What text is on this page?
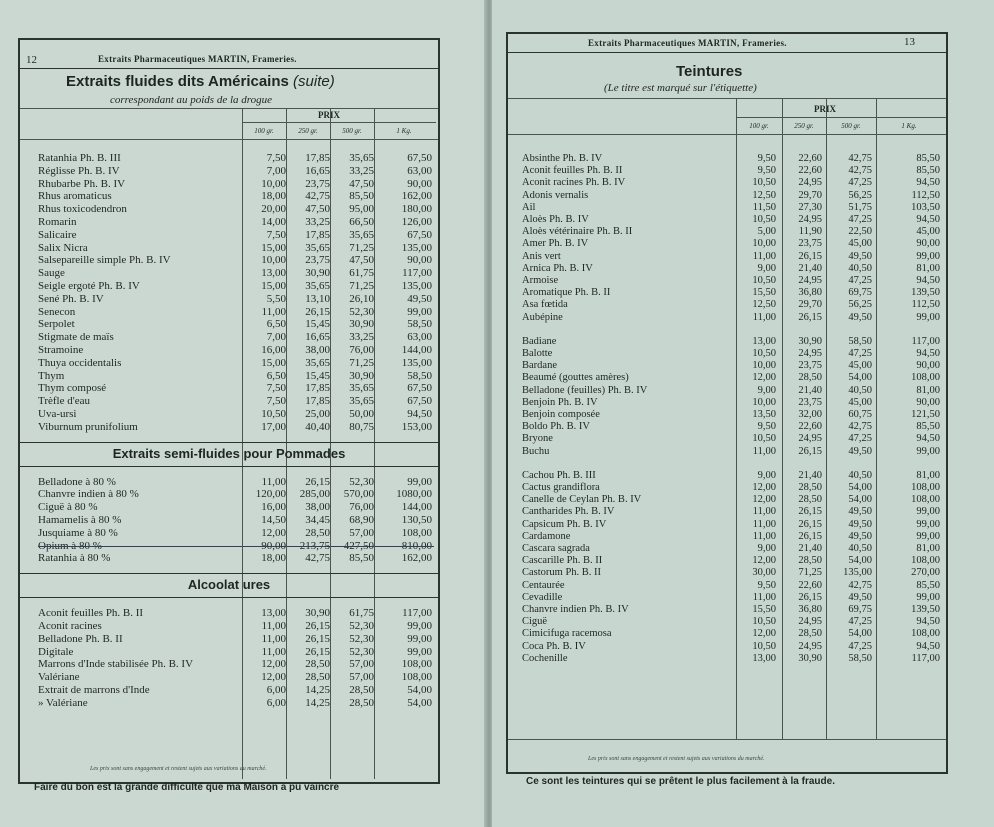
12	Extraits Pharmaceutiques MARTIN, Frameries.
Extraits fluides dits Américains (suite)
correspondant au poids de la drogue
PRIX
100 gr.	250 gr.	500 gr.	1 Kg.
Ratanhia Ph. B. III	7,50	17,85	35,65	67,50
Réglisse Ph. B. IV	7,00	16,65	33,25	63,00
Rhubarbe Ph. B. IV	10,00	23,75	47,50	90,00
Rhus aromaticus	18,00	42,75	85,50	162,00
Rhus toxicodendron	20,00	47,50	95,00	180,00
Romarin	14,00	33,25	66,50	126,00
Salicaire	7,50	17,85	35,65	67,50
Salix Nicra	15,00	35,65	71,25	135,00
Salsepareille simple Ph. B. IV	10,00	23,75	47,50	90,00
Sauge	13,00	30,90	61,75	117,00
Seigle ergoté Ph. B. IV	15,00	35,65	71,25	135,00
Sené Ph. B. IV	5,50	13,10	26,10	49,50
Senecon	11,00	26,15	52,30	99,00
Serpolet	6,50	15,45	30,90	58,50
Stigmate de maïs	7,00	16,65	33,25	63,00
Stramoine	16,00	38,00	76,00	144,00
Thuya occidentalis	15,00	35,65	71,25	135,00
Thym	6,50	15,45	30,90	58,50
Thym composé	7,50	17,85	35,65	67,50
Trèfle d'eau	7,50	17,85	35,65	67,50
Uva-ursi	10,50	25,00	50,00	94,50
Viburnum prunifolium	17,00	40,40	80,75	153,00
Belladone à 80 %	11,00	26,15	52,30	99,00
Chanvre indien à 80 %	120,00	285,00	570,00	1080,00
Ciguë à 80 %	16,00	38,00	76,00	144,00
Hamamelis à 80 %	14,50	34,45	68,90	130,50
Jusquiame à 80 %	12,00	28,50	57,00	108,00
Opium à 80 %	90,00	213,75	427,50	810,00
Ratanhia à 80 %	18,00	42,75	85,50	162,00
Aconit feuilles Ph. B. II	13,00	30,90	61,75	117,00
Aconit racines	11,00	26,15	52,30	99,00
Belladone Ph. B. II	11,00	26,15	52,30	99,00
Digitale	11,00	26,15	52,30	99,00
Marrons d'Inde stabilisée Ph. B. IV	12,00	28,50	57,00	108,00
Valériane	12,00	28,50	57,00	108,00
Extrait de marrons d'Inde	6,00	14,25	28,50	54,00
» Valériane	6,00	14,25	28,50	54,00
Les prix sont sans engagement et restent sujets aux variations du marché.
Faire du bon est la grande difficulté que ma Maison a pu vaincre
Extraits semi-fluides pour Pommades
Alcoolat ures
Extraits Pharmaceutiques MARTIN, Frameries.	13
Teintures
(Le titre est marqué sur l'étiquette)
PRIX
100 gr.	250 gr.	500 gr.	1 Kg.
Absinthe Ph. B. IV	9,50	22,60	42,75	85,50
Aconit feuilles Ph. B. II	9,50	22,60	42,75	85,50
Aconit racines Ph. B. IV	10,50	24,95	47,25	94,50
Adonis vernalis	12,50	29,70	56,25	112,50
Ail	11,50	27,30	51,75	103,50
Aloès Ph. B. IV	10,50	24,95	47,25	94,50
Aloès vétérinaire Ph. B. II	5,00	11,90	22,50	45,00
Amer Ph. B. IV	10,00	23,75	45,00	90,00
Anis vert	11,00	26,15	49,50	99,00
Arnica Ph. B. IV	9,00	21,40	40,50	81,00
Armoise	10,50	24,95	47,25	94,50
Aromatique Ph. B. II	15,50	36,80	69,75	139,50
Asa fœtida	12,50	29,70	56,25	112,50
Aubépine	11,00	26,15	49,50	99,00
Badiane	13,00	30,90	58,50	117,00
Balotte	10,50	24,95	47,25	94,50
Bardane	10,00	23,75	45,00	90,00
Beaumé (gouttes amères)	12,00	28,50	54,00	108,00
Belladone (feuilles) Ph. B. IV	9,00	21,40	40,50	81,00
Benjoin Ph. B. IV	10,00	23,75	45,00	90,00
Benjoin composée	13,50	32,00	60,75	121,50
Boldo Ph. B. IV	9,50	22,60	42,75	85,50
Bryone	10,50	24,95	47,25	94,50
Buchu	11,00	26,15	49,50	99,00
Cachou Ph. B. III	9,00	21,40	40,50	81,00
Cactus grandiflora	12,00	28,50	54,00	108,00
Canelle de Ceylan Ph. B. IV	12,00	28,50	54,00	108,00
Cantharides Ph. B. IV	11,00	26,15	49,50	99,00
Capsicum Ph. B. IV	11,00	26,15	49,50	99,00
Cardamone	11,00	26,15	49,50	99,00
Cascara sagrada	9,00	21,40	40,50	81,00
Cascarille Ph. B. II	12,00	28,50	54,00	108,00
Castorum Ph. B. II	30,00	71,25	135,00	270,00
Centaurée	9,50	22,60	42,75	85,50
Cevadille	11,00	26,15	49,50	99,00
Chanvre indien Ph. B. IV	15,50	36,80	69,75	139,50
Ciguë	10,50	24,95	47,25	94,50
Cimicifuga racemosa	12,00	28,50	54,00	108,00
Coca Ph. B. IV	10,50	24,95	47,25	94,50
Cochenille	13,00	30,90	58,50	117,00
Les prix sont sans engagement et restent sujets aux variations du marché.
Ce sont les teintures qui se prêtent le plus facilement à la fraude.
